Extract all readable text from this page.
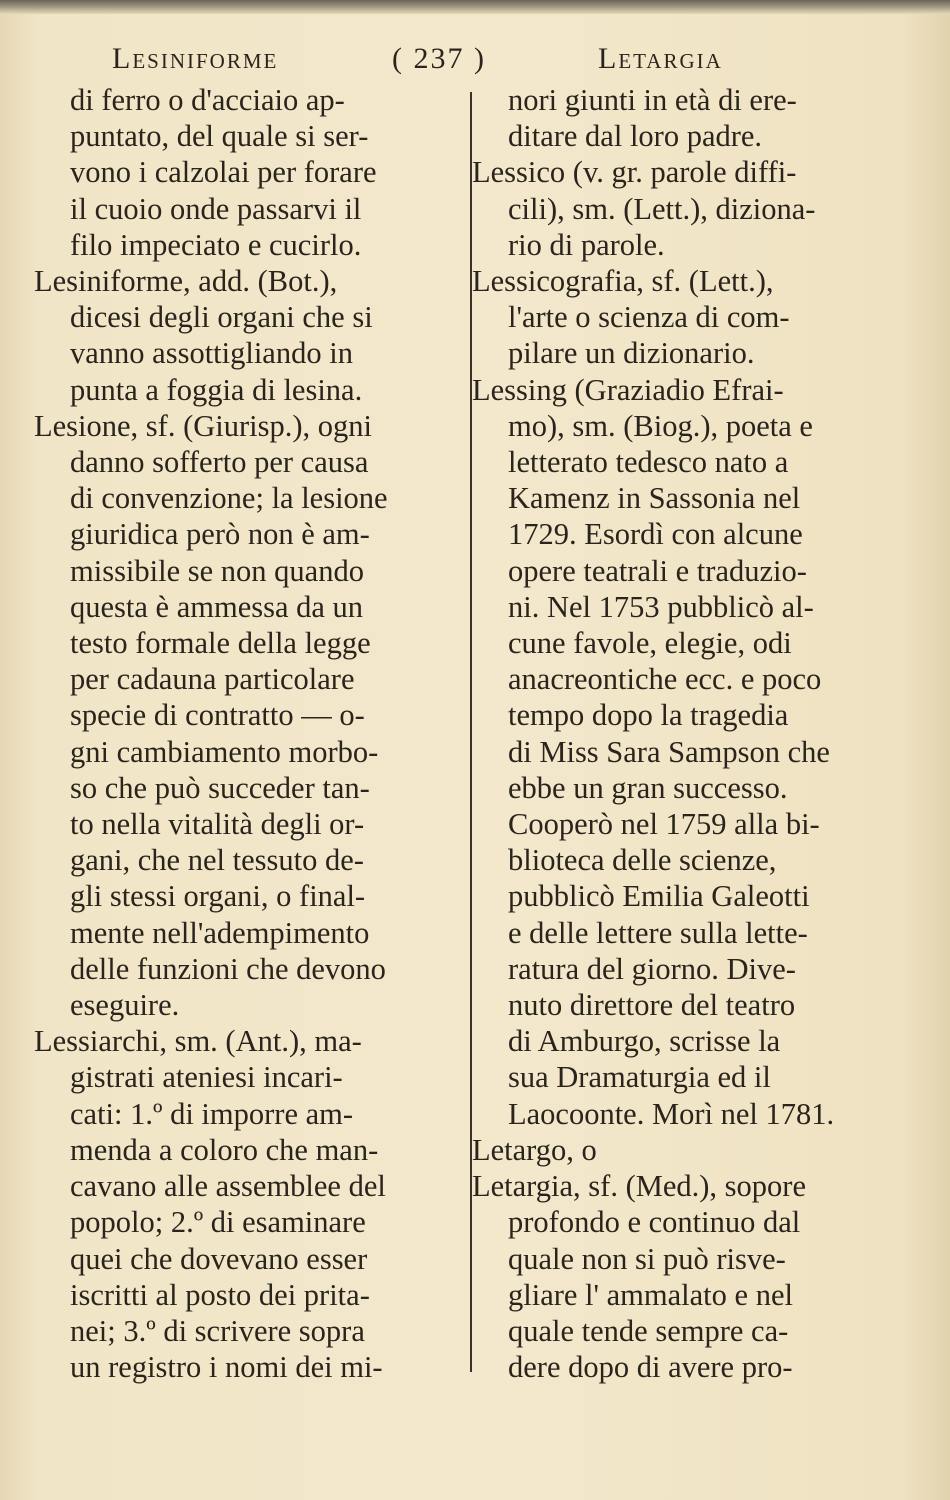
Lesiniforme	( 237 )	Letargia
di ferro o d'acciaio ap-
puntato, del quale si ser-
vono i calzolai per forare
il cuoio onde passarvi il
filo impeciato e cucirlo.
Lesiniforme, add. (Bot.),
dicesi degli organi che si
vanno assottigliando in
punta a foggia di lesina.
Lesione, sf. (Giurisp.), ogni
danno sofferto per causa
di convenzione; la lesione
giuridica però non è am-
missibile se non quando
questa è ammessa da un
testo formale della legge
per cadauna particolare
specie di contratto — o-
gni cambiamento morbo-
so che può succeder tan-
to nella vitalità degli or-
gani, che nel tessuto de-
gli stessi organi, o final-
mente nell'adempimento
delle funzioni che devono
eseguire.
Lessiarchi, sm. (Ant.), ma-
gistrati ateniesi incari-
cati: 1.º di imporre am-
menda a coloro che man-
cavano alle assemblee del
popolo; 2.º di esaminare
quei che dovevano esser
iscritti al posto dei prita-
nei; 3.º di scrivere sopra
un registro i nomi dei mi-
nori giunti in età di ere-
ditare dal loro padre.
Lessico (v. gr. parole diffi-
cili), sm. (Lett.), diziona-
rio di parole.
Lessicografia, sf. (Lett.),
l'arte o scienza di com-
pilare un dizionario.
Lessing (Graziadio Efrai-
mo), sm. (Biog.), poeta e
letterato tedesco nato a
Kamenz in Sassonia nel
1729. Esordì con alcune
opere teatrali e traduzio-
ni. Nel 1753 pubblicò al-
cune favole, elegie, odi
anacreontiche ecc. e poco
tempo dopo la tragedia
di Miss Sara Sampson che
ebbe un gran successo.
Cooperò nel 1759 alla bi-
blioteca delle scienze,
pubblicò Emilia Galeotti
e delle lettere sulla lette-
ratura del giorno. Dive-
nuto direttore del teatro
di Amburgo, scrisse la
sua Dramaturgia ed il
Laocoonte. Morì nel 1781.
Letargo, o
Letargia, sf. (Med.), sopore
profondo e continuo dal
quale non si può risve-
gliare l' ammalato e nel
quale tende sempre ca-
dere dopo di avere pro-
